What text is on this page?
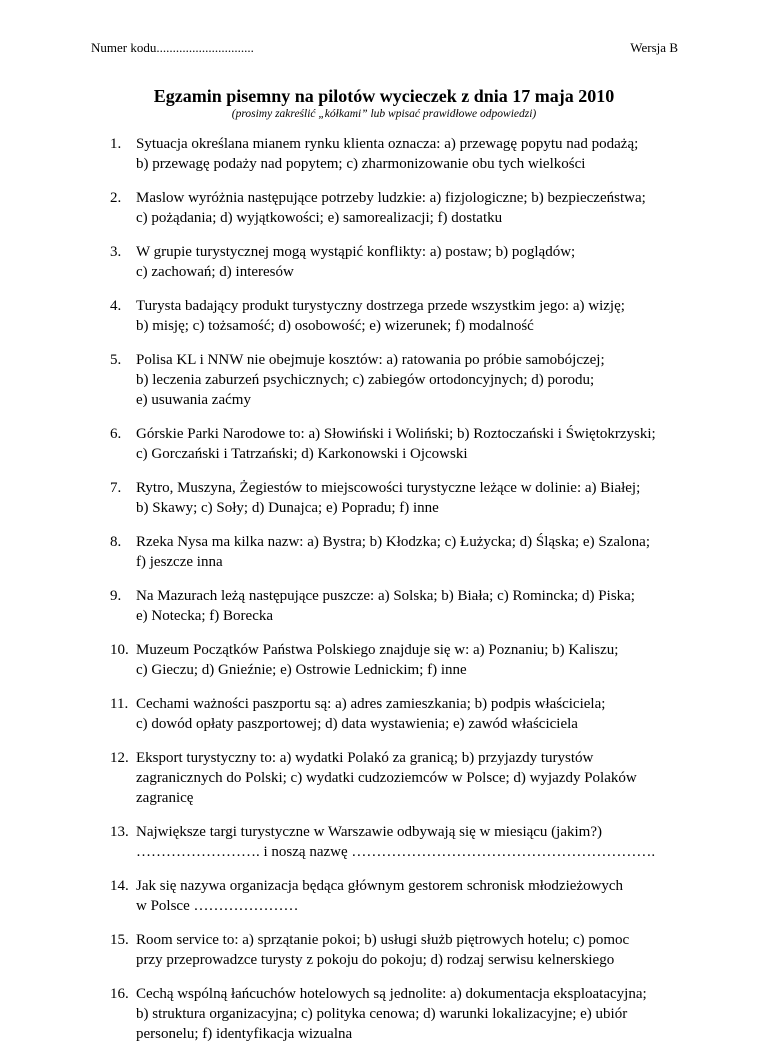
Numer kodu..............................	Wersja B
Egzamin pisemny na pilotów wycieczek z dnia 17 maja 2010
(prosimy zakreślić „kółkami” lub wpisać prawidłowe odpowiedzi)
1. Sytuacja określana mianem rynku klienta oznacza: a) przewagę popytu nad podażą;
b) przewagę podaży nad popytem; c) zharmonizowanie obu tych wielkości
2. Maslow wyróżnia następujące potrzeby ludzkie: a) fizjologiczne; b) bezpieczeństwa;
c) pożądania; d) wyjątkowości; e) samorealizacji; f) dostatku
3. W grupie turystycznej mogą wystąpić konflikty: a) postaw; b) poglądów;
c) zachowań; d) interesów
4. Turysta badający produkt turystyczny dostrzega przede wszystkim jego: a) wizję;
b) misję; c) tożsamość; d) osobowość; e) wizerunek; f) modalność
5. Polisa KL i NNW nie obejmuje kosztów: a) ratowania po próbie samobójczej;
b) leczenia zaburzeń psychicznych; c) zabiegów ortodoncyjnych; d) porodu;
e) usuwania zaćmy
6. Górskie Parki Narodowe to: a) Słowiński i Woliński; b) Roztoczański i Świętokrzyski;
c) Gorczański i Tatrzański; d) Karkonowski i Ojcowski
7. Rytro, Muszyna, Żegiestów to miejscowości turystyczne leżące w dolinie: a) Białej;
b) Skawy; c) Soły; d) Dunajca; e) Popradu; f) inne
8. Rzeka Nysa ma kilka nazw: a) Bystra; b) Kłodzka; c) Łużycka; d) Śląska; e) Szalona;
f) jeszcze inna
9. Na Mazurach leżą następujące puszcze: a) Solska; b) Biała; c) Romincka; d) Piska;
e) Notecka; f) Borecka
10. Muzeum Początków Państwa Polskiego znajduje się w: a) Poznaniu; b) Kaliszu;
c) Gieczu; d) Gnieźnie; e) Ostrowie Lednickim; f) inne
11. Cechami ważności paszportu są: a) adres zamieszkania; b) podpis właściciela;
c) dowód opłaty paszportowej; d) data wystawienia; e) zawód właściciela
12. Eksport turystyczny to: a) wydatki Polakó za granicą; b) przyjazdy turystów
zagranicznych do Polski; c) wydatki cudzoziemców w Polsce; d) wyjazdy Polaków
zagranicę
13. Największe targi turystyczne w Warszawie odbywają się w miesiącu (jakim?)
……………………. i noszą nazwę …………………………………………………….
14. Jak się nazywa organizacja będąca głównym gestorem schronisk młodzieżowych
w Polsce …………………
15. Room service to: a) sprzątanie pokoi; b) usługi służb piętrowych hotelu; c) pomoc
przy przeprowadzce turysty z pokoju do pokoju; d) rodzaj serwisu kelnerskiego
16. Cechą wspólną łańcuchów hotelowych są jednolite: a) dokumentacja eksploatacyjna;
b) struktura organizacyjna; c) polityka cenowa; d) warunki lokalizacyjne; e) ubiór
personelu; f) identyfikacja wizualna
